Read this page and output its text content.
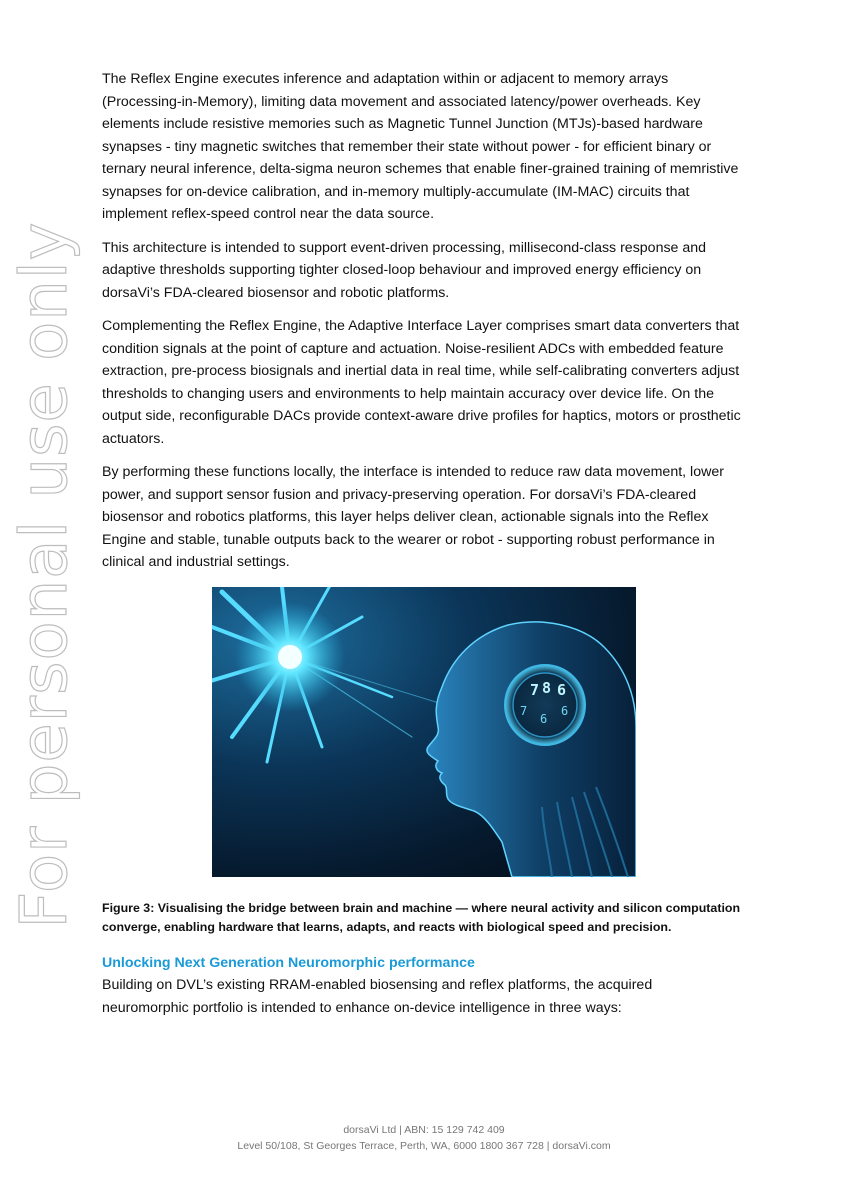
For personal use only

The Reflex Engine executes inference and adaptation within or adjacent to memory arrays (Processing-in-Memory), limiting data movement and associated latency/power overheads. Key elements include resistive memories such as Magnetic Tunnel Junction (MTJs)-based hardware synapses - tiny magnetic switches that remember their state without power - for efficient binary or ternary neural inference, delta-sigma neuron schemes that enable finer-grained training of memristive synapses for on-device calibration, and in-memory multiply-accumulate (IM-MAC) circuits that implement reflex-speed control near the data source.

This architecture is intended to support event-driven processing, millisecond-class response and adaptive thresholds supporting tighter closed-loop behaviour and improved energy efficiency on dorsaVi’s FDA-cleared biosensor and robotic platforms.

Complementing the Reflex Engine, the Adaptive Interface Layer comprises smart data converters that condition signals at the point of capture and actuation. Noise-resilient ADCs with embedded feature extraction, pre-process biosignals and inertial data in real time, while self-calibrating converters adjust thresholds to changing users and environments to help maintain accuracy over device life. On the output side, reconfigurable DACs provide context-aware drive profiles for haptics, motors or prosthetic actuators.

By performing these functions locally, the interface is intended to reduce raw data movement, lower power, and support sensor fusion and privacy-preserving operation. For dorsaVi’s FDA-cleared biosensor and robotics platforms, this layer helps deliver clean, actionable signals into the Reflex Engine and stable, tunable outputs back to the wearer or robot - supporting robust performance in clinical and industrial settings.

7 8 6
7
6
6
Figure 3: Visualising the bridge between brain and machine — where neural activity and silicon computation converge, enabling hardware that learns, adapts, and reacts with biological speed and precision.
Unlocking Next Generation Neuromorphic performance

Building on DVL’s existing RRAM-enabled biosensing and reflex platforms, the acquired neuromorphic portfolio is intended to enhance on-device intelligence in three ways:

dorsaVi Ltd | ABN: 15 129 742 409
Level 50/108, St Georges Terrace, Perth, WA, 6000 1800 367 728 | dorsaVi.com
